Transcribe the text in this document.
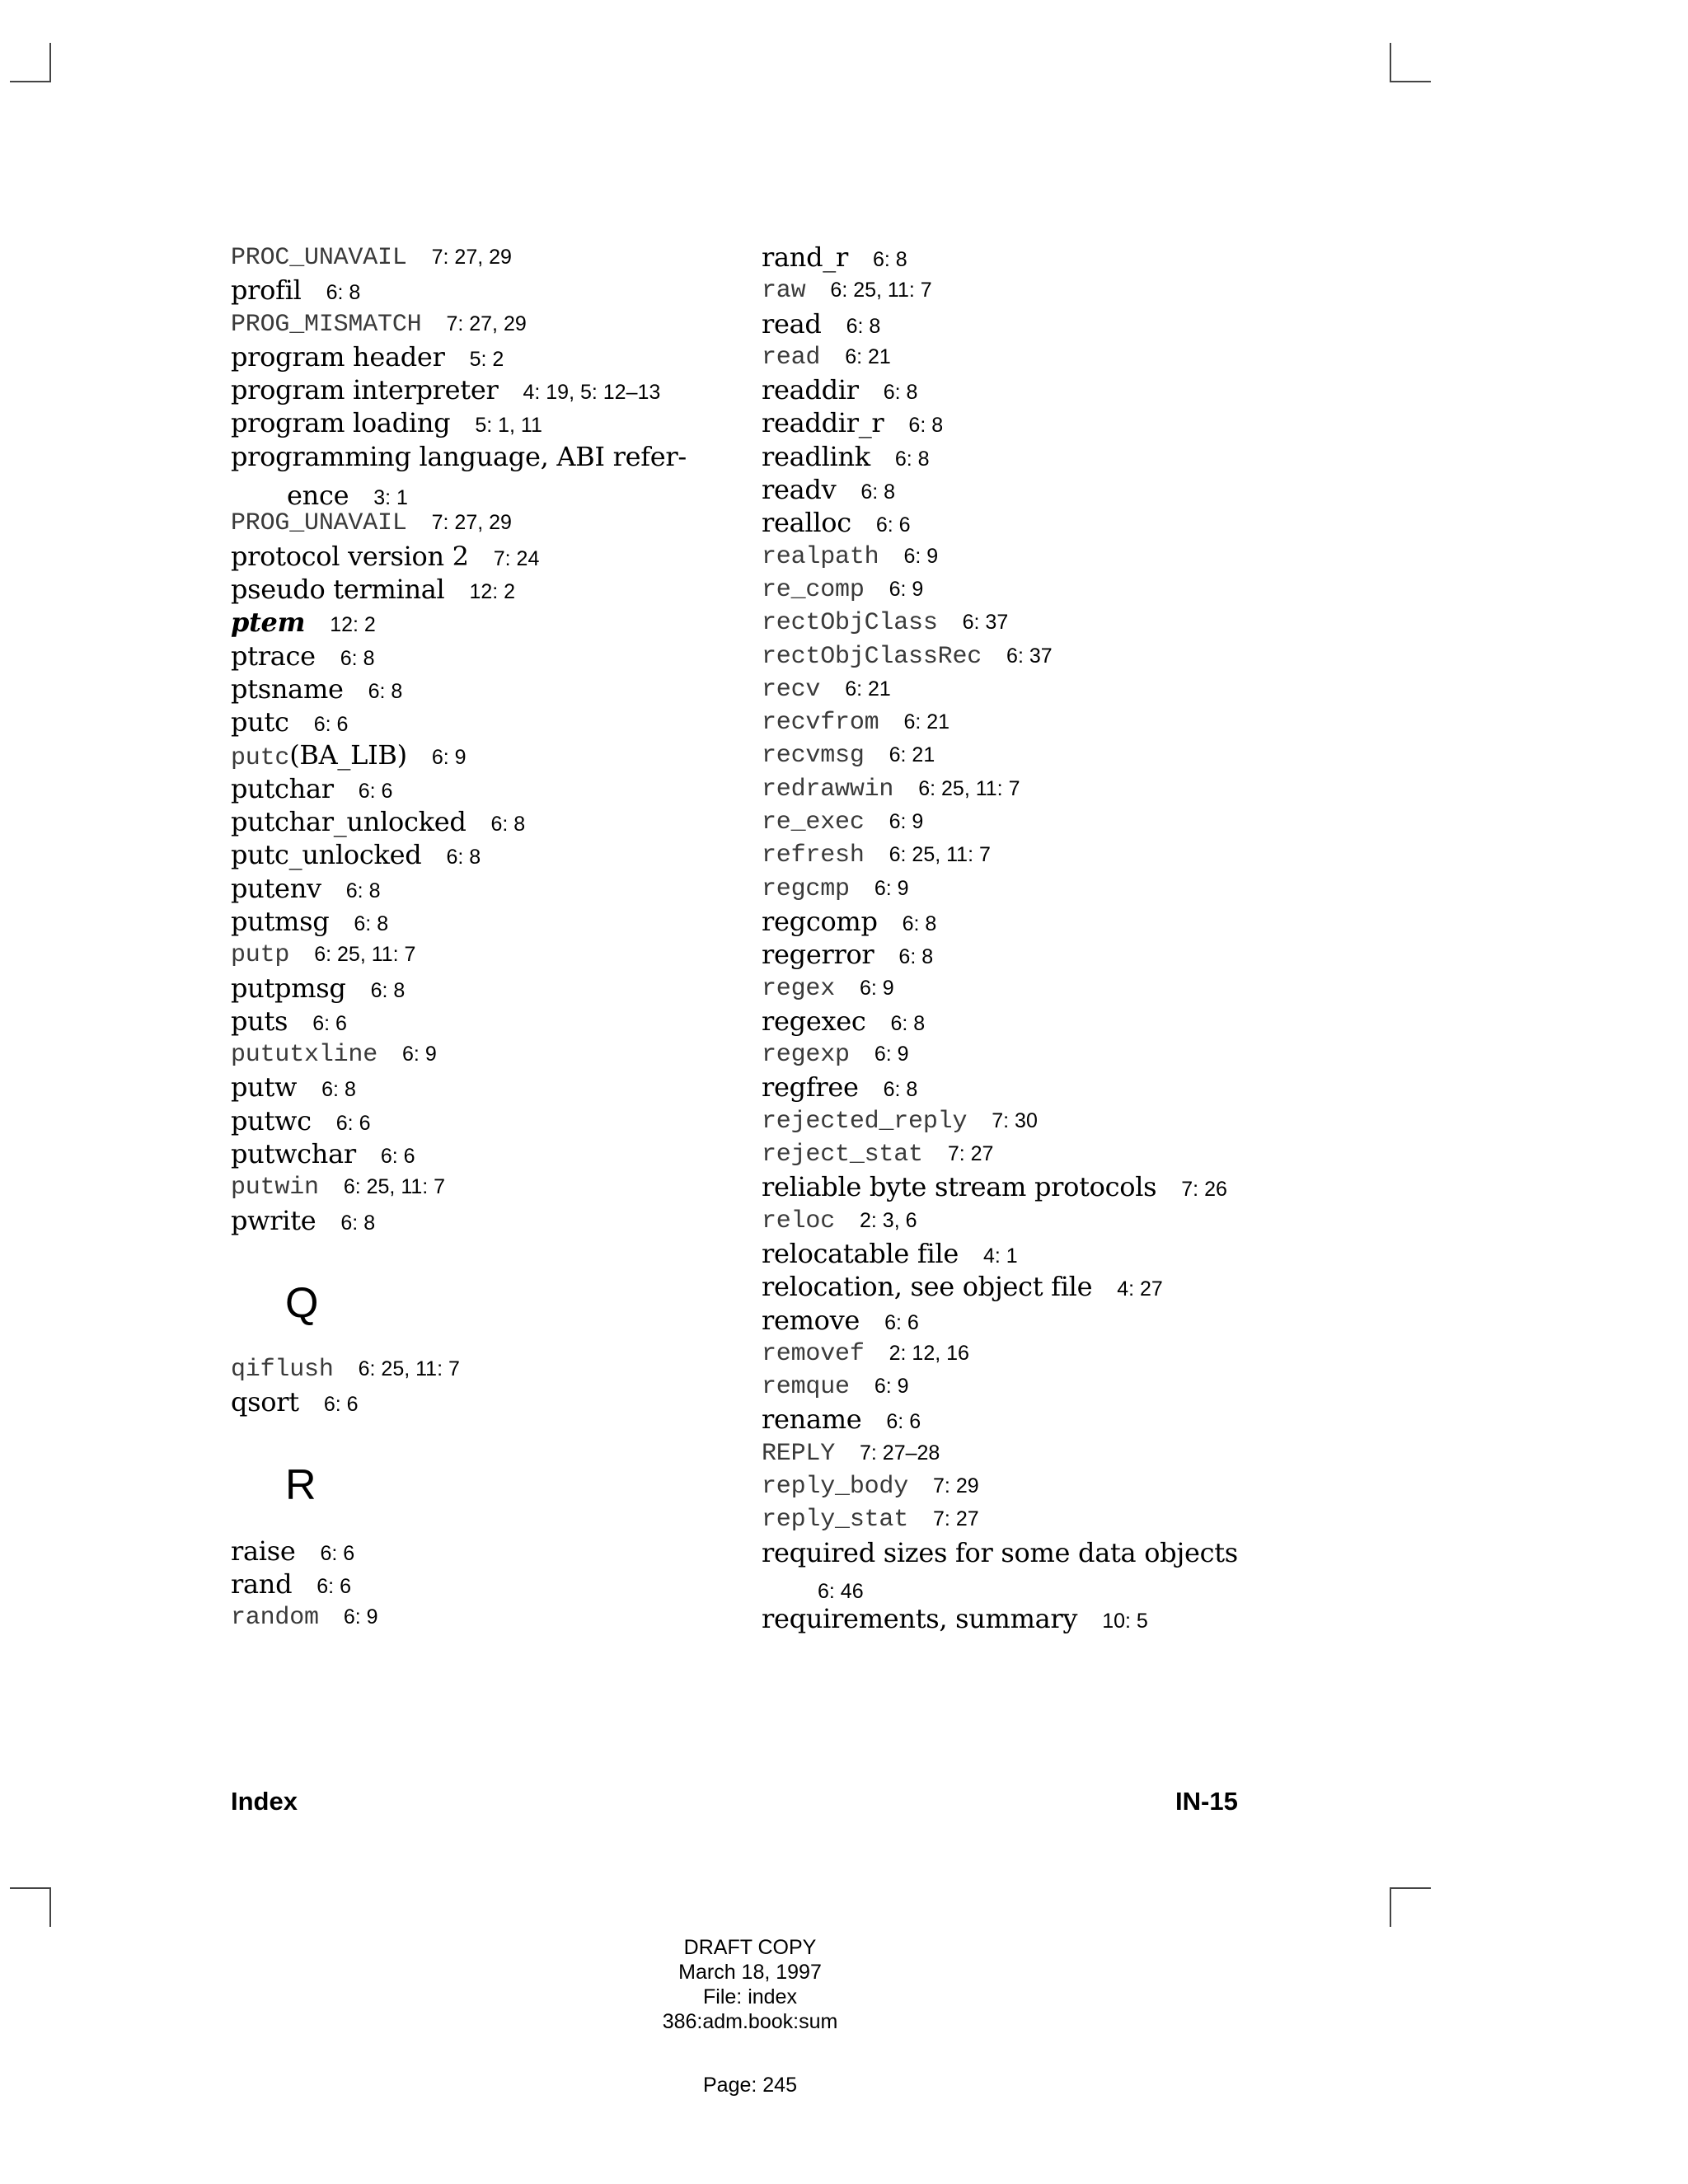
PROC_UNAVAIL 7: 27, 29
profil 6: 8
PROG_MISMATCH 7: 27, 29
program header 5: 2
program interpreter 4: 19, 5: 12–13
program loading 5: 1, 11
programming language, ABI refer-
ence 3: 1
PROG_UNAVAIL 7: 27, 29
protocol version 2 7: 24
pseudo terminal 12: 2
ptem 12: 2
ptrace 6: 8
ptsname 6: 8
putc 6: 6
putc(BA_LIB) 6: 9
putchar 6: 6
putchar_unlocked 6: 8
putc_unlocked 6: 8
putenv 6: 8
putmsg 6: 8
putp 6: 25, 11: 7
putpmsg 6: 8
puts 6: 6
pututxline 6: 9
putw 6: 8
putwc 6: 6
putwchar 6: 6
putwin 6: 25, 11: 7
pwrite 6: 8
Q
qiflush 6: 25, 11: 7
qsort 6: 6
R
raise 6: 6
rand 6: 6
random 6: 9
rand_r 6: 8
raw 6: 25, 11: 7
read 6: 8
read 6: 21
readdir 6: 8
readdir_r 6: 8
readlink 6: 8
readv 6: 8
realloc 6: 6
realpath 6: 9
re_comp 6: 9
rectObjClass 6: 37
rectObjClassRec 6: 37
recv 6: 21
recvfrom 6: 21
recvmsg 6: 21
redrawwin 6: 25, 11: 7
re_exec 6: 9
refresh 6: 25, 11: 7
regcmp 6: 9
regcomp 6: 8
regerror 6: 8
regex 6: 9
regexec 6: 8
regexp 6: 9
regfree 6: 8
rejected_reply 7: 30
reject_stat 7: 27
reliable byte stream protocols 7: 26
reloc 2: 3, 6
relocatable file 4: 1
relocation, see object file 4: 27
remove 6: 6
removef 2: 12, 16
remque 6: 9
rename 6: 6
REPLY 7: 27–28
reply_body 7: 29
reply_stat 7: 27
required sizes for some data objects
6: 46
requirements, summary 10: 5
Index	IN-15
DRAFT COPY
March 18, 1997
File: index
386:adm.book:sum
Page: 245
